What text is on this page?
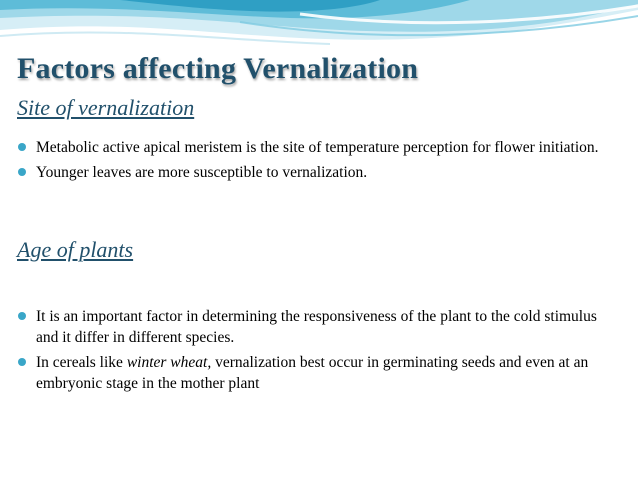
Factors affecting Vernalization
Site of vernalization
Metabolic active apical meristem is the site of temperature perception for flower initiation.
Younger leaves are more susceptible to vernalization.
Age of plants
It is an important factor in determining the responsiveness of the plant to the cold stimulus and it differ in different species.
In cereals like winter wheat, vernalization best occur in germinating seeds and even at an embryonic stage in the mother plant
